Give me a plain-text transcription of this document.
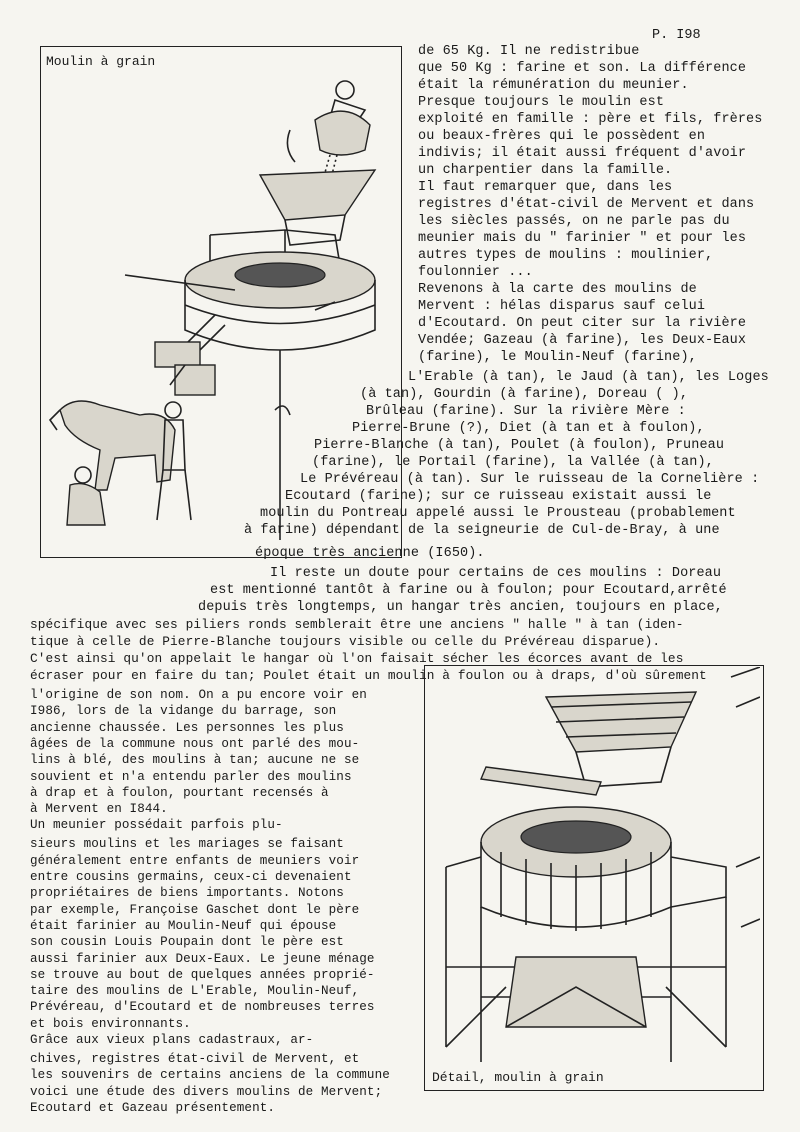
P. I98
Moulin à grain
de 65 Kg. Il ne redistribue
que 50 Kg : farine et son. La différence
était la rémunération du meunier.
Presque toujours le moulin est
exploité en famille : père et fils, frères
ou beaux-frères qui le possèdent en
indivis; il était aussi fréquent d'avoir
un charpentier dans la famille.
Il faut remarquer que, dans les
registres d'état-civil de Mervent et dans
les siècles passés, on ne parle pas du
meunier mais du " farinier " et pour les
autres types de moulins : moulinier,
foulonnier ...
Revenons à la carte des moulins de
Mervent : hélas disparus sauf celui
d'Ecoutard. On peut citer sur la rivière
Vendée; Gazeau (à farine), les Deux-Eaux
(farine), le Moulin-Neuf (farine),
L'Erable (à tan), le Jaud (à tan), les Loges
(à tan), Gourdin (à farine), Doreau ( ),
Brûleau (farine). Sur la rivière Mère :
Pierre-Brune (?), Diet (à tan et à foulon),
Pierre-Blanche (à tan), Poulet (à foulon), Pruneau
(farine), le Portail (farine), la Vallée (à tan),
Le Prévéreau (à tan). Sur le ruisseau de la Cornelière :
Ecoutard (farine); sur ce ruisseau existait aussi le
moulin du Pontreau appelé aussi le Prousteau (probablement
à farine) dépendant de la seigneurie de Cul-de-Bray, à une
époque très ancienne (I650).
Il reste un doute pour certains de ces moulins : Doreau
est mentionné tantôt à farine ou à foulon; pour Ecoutard,arrêté
depuis très longtemps, un hangar très ancien, toujours en place,
spécifique avec ses piliers ronds semblerait être une anciens " halle " à tan (iden-
tique à celle de Pierre-Blanche toujours visible ou celle du Prévéreau disparue).
C'est ainsi qu'on appelait le hangar où l'on faisait sécher les écorces avant de les
écraser pour en faire du tan; Poulet était un moulin à foulon ou à draps, d'où sûrement
l'origine de son nom. On a pu encore voir en
I986, lors de la vidange du barrage, son
ancienne chaussée. Les personnes les plus
âgées de la commune nous ont parlé des mou-
lins à blé, des moulins à tan; aucune ne se
souvient et n'a entendu parler des moulins
à drap et à foulon, pourtant recensés à
à Mervent en I844.
Un meunier possédait parfois plu-
sieurs moulins et les mariages se faisant
généralement entre enfants de meuniers voir
entre cousins germains, ceux-ci devenaient
propriétaires de biens importants. Notons
par exemple, Françoise Gaschet dont le père
était farinier au Moulin-Neuf qui épouse
son cousin Louis Poupain dont le père est
aussi farinier aux Deux-Eaux. Le jeune ménage
se trouve au bout de quelques années proprié-
taire des moulins de L'Erable, Moulin-Neuf,
Prévéreau, d'Ecoutard et de nombreuses terres
et bois environnants.
Grâce aux vieux plans cadastraux, ar-
chives, registres état-civil de Mervent, et
les souvenirs de certains anciens de la commune
voici une étude des divers moulins de Mervent;
Ecoutard et Gazeau présentement.
Détail, moulin à grain
